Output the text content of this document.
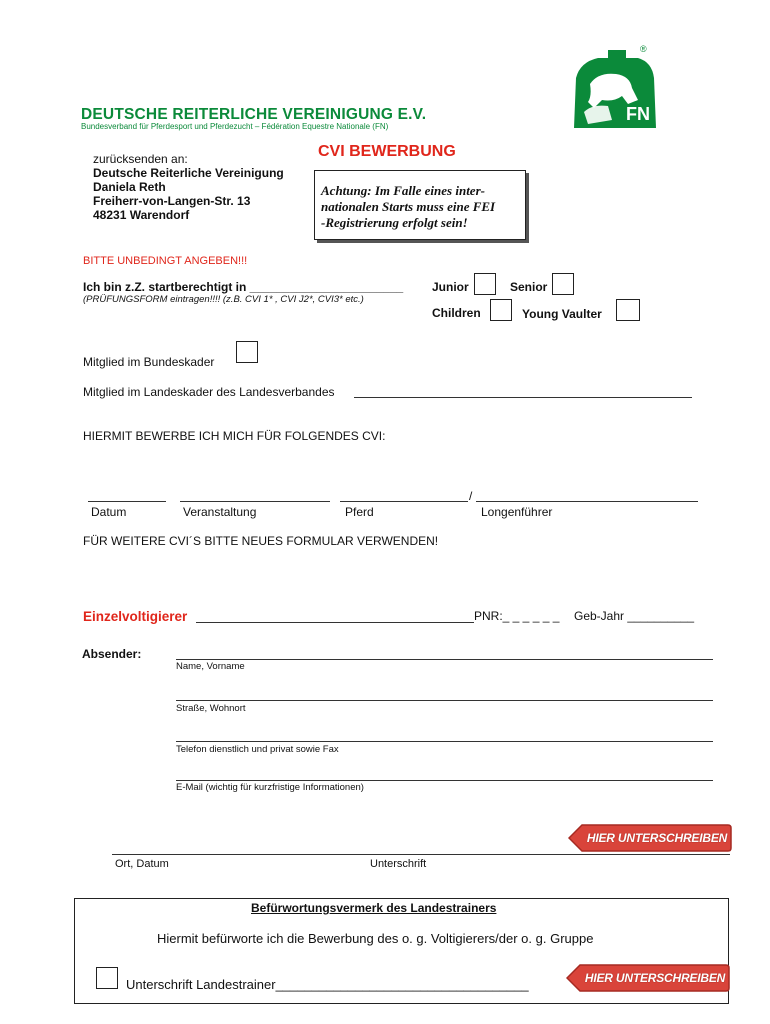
FN
®
DEUTSCHE REITERLICHE VEREINIGUNG E.V.
Bundesverband für Pferdesport und Pferdezucht – Fédération Equestre Nationale (FN)
zurücksenden an:
Deutsche Reiterliche Vereinigung
Daniela Reth
Freiherr-von-Langen-Str. 13
48231 Warendorf
CVI BEWERBUNG
Achtung: Im Falle eines inter-
nationalen Starts muss eine FEI
-Registrierung erfolgt sein!
BITTE UNBEDINGT ANGEBEN!!!
Ich bin z.Z. startberechtigt in _______________________
(PRÜFUNGSFORM eintragen!!!! (z.B. CVI 1* , CVI J2*, CVI3* etc.)
Junior	Senior
Children	Young Vaulter
Mitglied im Bundeskader
Mitglied im Landeskader des Landesverbandes
HIERMIT BEWERBE ICH MICH FÜR FOLGENDES CVI:
/
Datum	Veranstaltung	Pferd	Longenführer
FÜR WEITERE CVI´S BITTE NEUES FORMULAR VERWENDEN!
Einzelvoltigierer	PNR:_ _ _ _ _ _ Geb-Jahr __________
Absender:
Name, Vorname
Straße, Wohnort
Telefon dienstlich und privat sowie Fax
E-Mail (wichtig für kurzfristige Informationen)
HIER UNTERSCHREIBEN
Ort, Datum	Unterschrift
Befürwortungsvermerk des Landestrainers
Hiermit befürworte ich die Bewerbung des o. g. Voltigierers/der o. g. Gruppe
Unterschrift Landestrainer___________________________________	HIER UNTERSCHREIBEN
